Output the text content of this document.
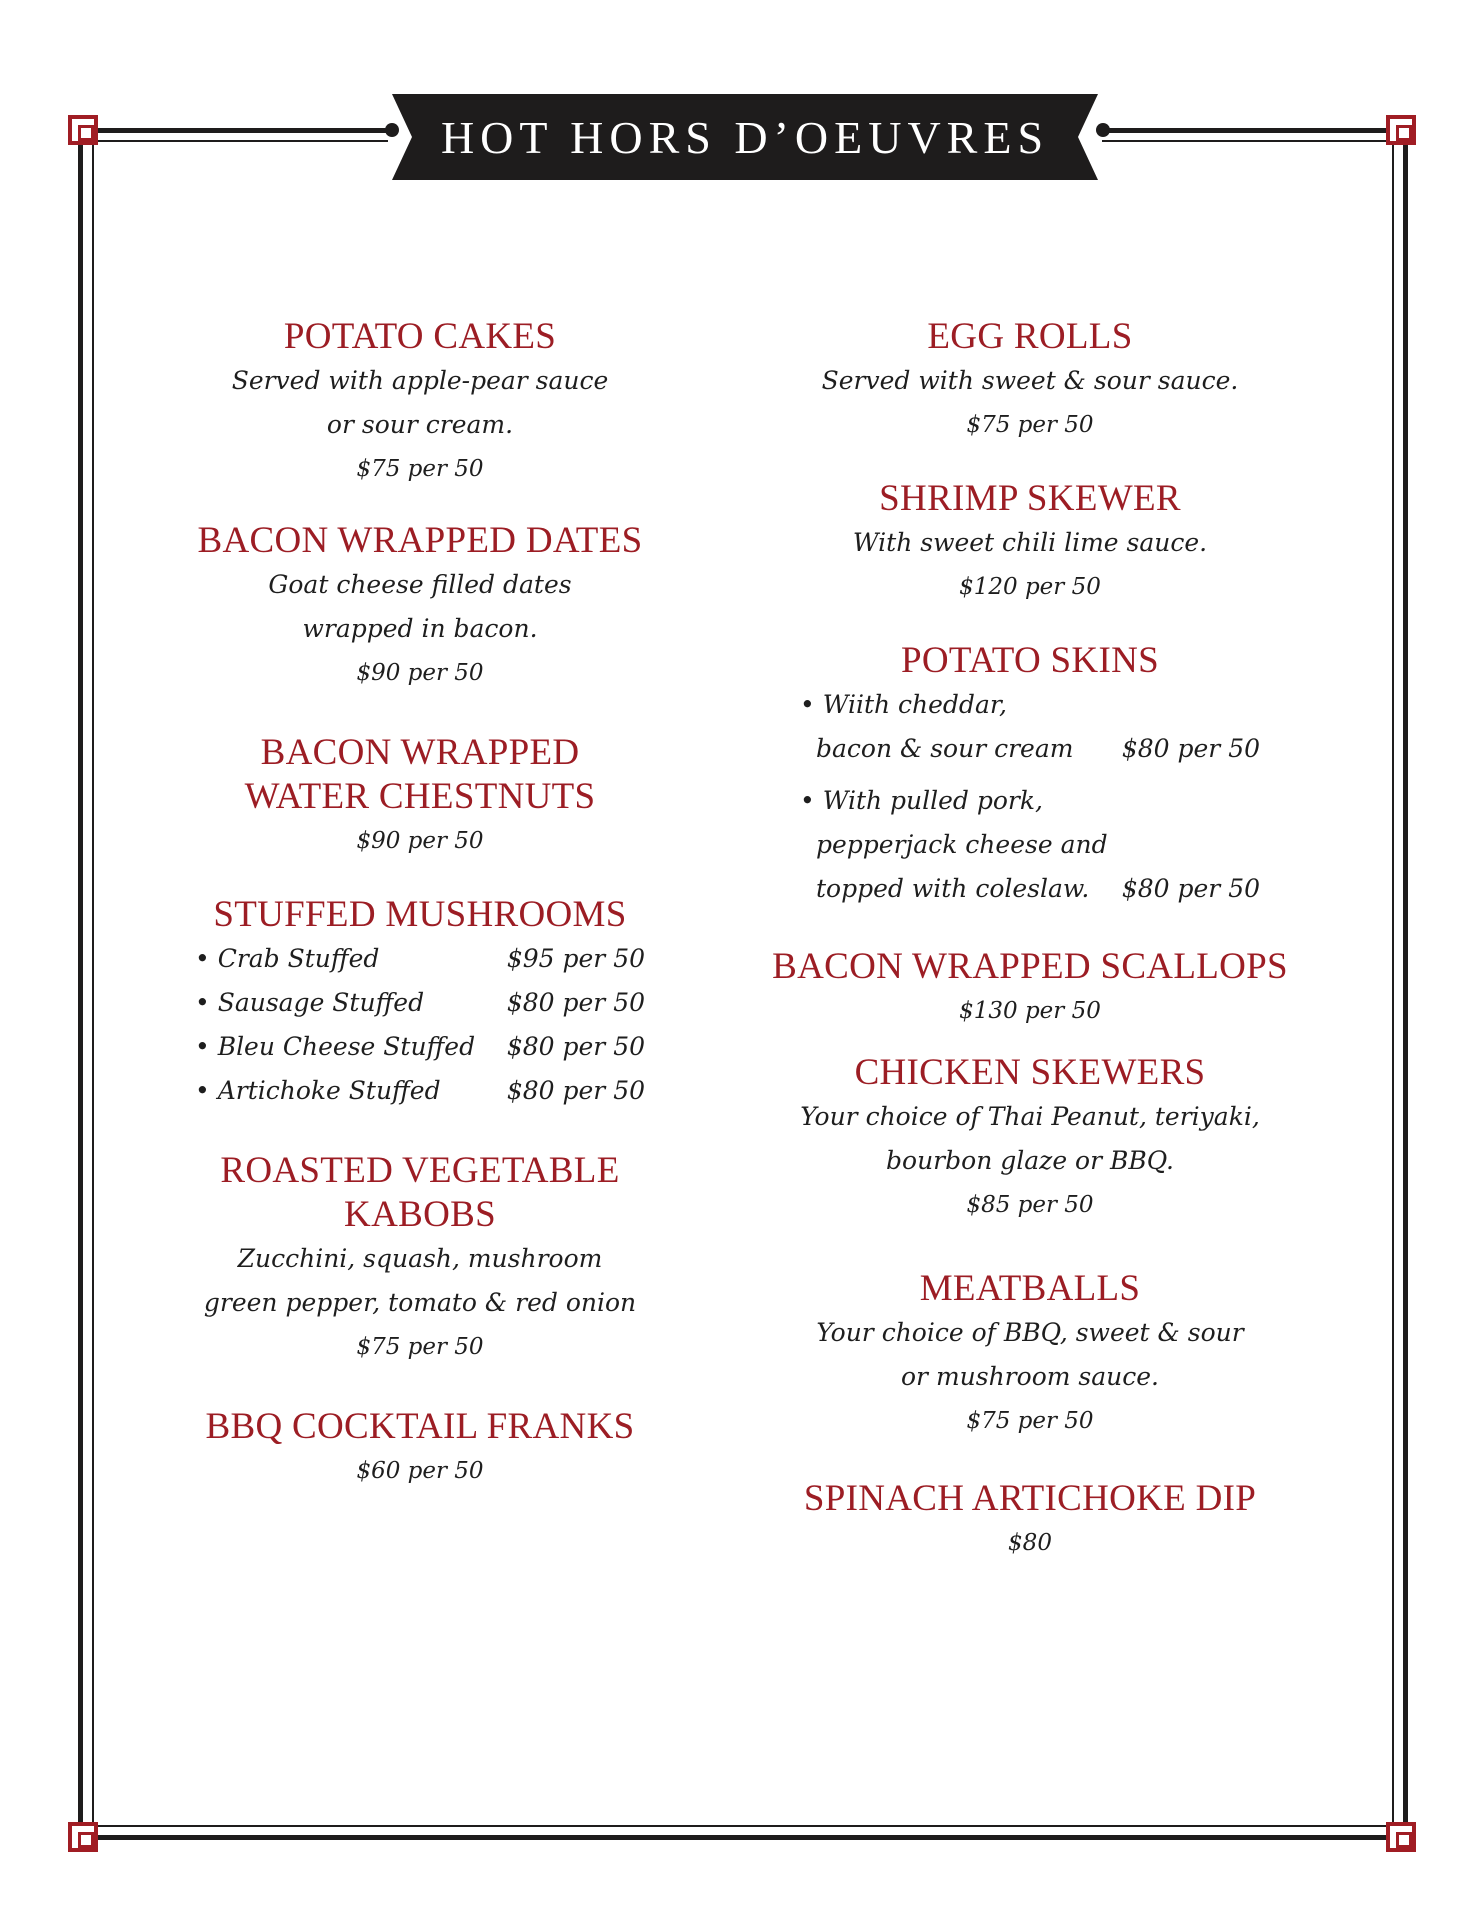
HOT HORS D’OEUVRES
POTATO CAKES
Served with apple-pear sauce
or sour cream.
$75 per 50
BACON WRAPPED DATES
Goat cheese filled dates
wrapped in bacon.
$90 per 50
BACON WRAPPED
WATER CHESTNUTS
$90 per 50
STUFFED MUSHROOMS
• Crab Stuffed	$95 per 50
• Sausage Stuffed	$80 per 50
• Bleu Cheese Stuffed $80 per 50
• Artichoke Stuffed	$80 per 50
ROASTED VEGETABLE
KABOBS
Zucchini, squash, mushroom
green pepper, tomato & red onion
$75 per 50
BBQ COCKTAIL FRANKS
$60 per 50
EGG ROLLS
Served with sweet & sour sauce.
$75 per 50
SHRIMP SKEWER
With sweet chili lime sauce.
$120 per 50
POTATO SKINS
• Wiith cheddar,
bacon & sour cream $80 per 50
• With pulled pork,
pepperjack cheese and
topped with coleslaw. $80 per 50
BACON WRAPPED SCALLOPS
$130 per 50
CHICKEN SKEWERS
Your choice of Thai Peanut, teriyaki,
bourbon glaze or BBQ.
$85 per 50
MEATBALLS
Your choice of BBQ, sweet & sour
or mushroom sauce.
$75 per 50
SPINACH ARTICHOKE DIP
$80
